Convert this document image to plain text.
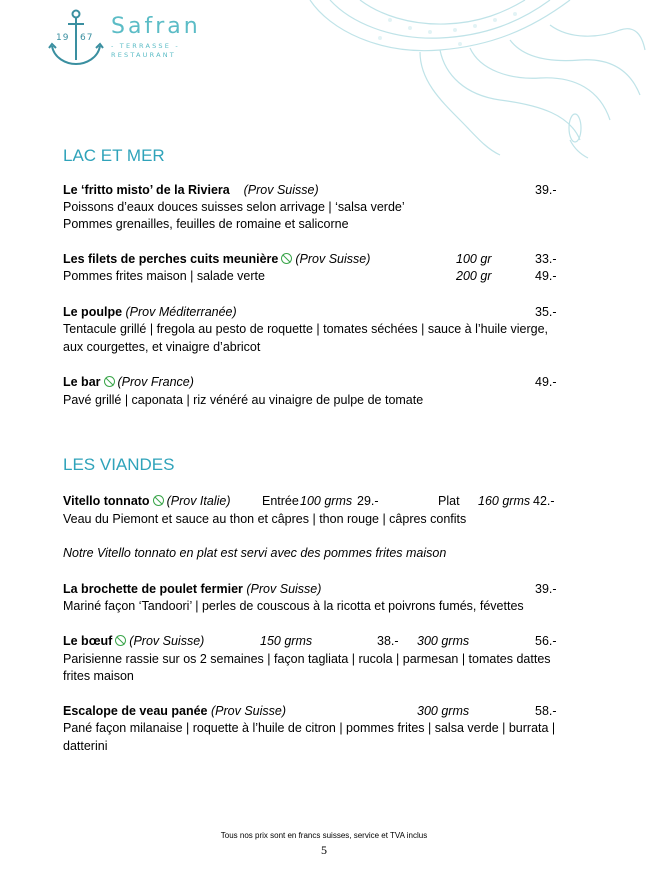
19 67 Safran
- TERRASSE -
RESTAURANT
LAC ET MER
Le ‘fritto misto’ de la Riviera (Prov Suisse)	39.-
Poissons d’eaux douces suisses selon arrivage | ‘salsa verde’
Pommes grenailles, feuilles de romaine et salicorne
Les filets de perches cuits meunière (Prov Suisse)	100 gr	33.-
Pommes frites maison | salade verte	200 gr	49.-
Le poulpe (Prov Méditerranée)	35.-
Tentacule grillé | fregola au pesto de roquette | tomates séchées | sauce à l’huile vierge,
aux courgettes, et vinaigre d’abricot
Le bar (Prov France)	49.-
Pavé grillé | caponata | riz vénéré au vinaigre de pulpe de tomate
LES VIANDES
Vitello tonnato (Prov Italie)	Entrée 100 grms 29.-	Plat 160 grms 42.-
Veau du Piemont et sauce au thon et câpres | thon rouge | câpres confits
Notre Vitello tonnato en plat est servi avec des pommes frites maison
La brochette de poulet fermier (Prov Suisse)	39.-
Mariné façon ‘Tandoori’ | perles de couscous à la ricotta et poivrons fumés, févettes
Le bœuf (Prov Suisse)	150 grms	38.- 300 grms	56.-
Parisienne rassie sur os 2 semaines | façon tagliata | rucola | parmesan | tomates dattes
frites maison
Escalope de veau panée (Prov Suisse)	300 grms	58.-
Pané façon milanaise | roquette à l’huile de citron | pommes frites | salsa verde | burrata |
datterini
Tous nos prix sont en francs suisses, service et TVA inclus
5
